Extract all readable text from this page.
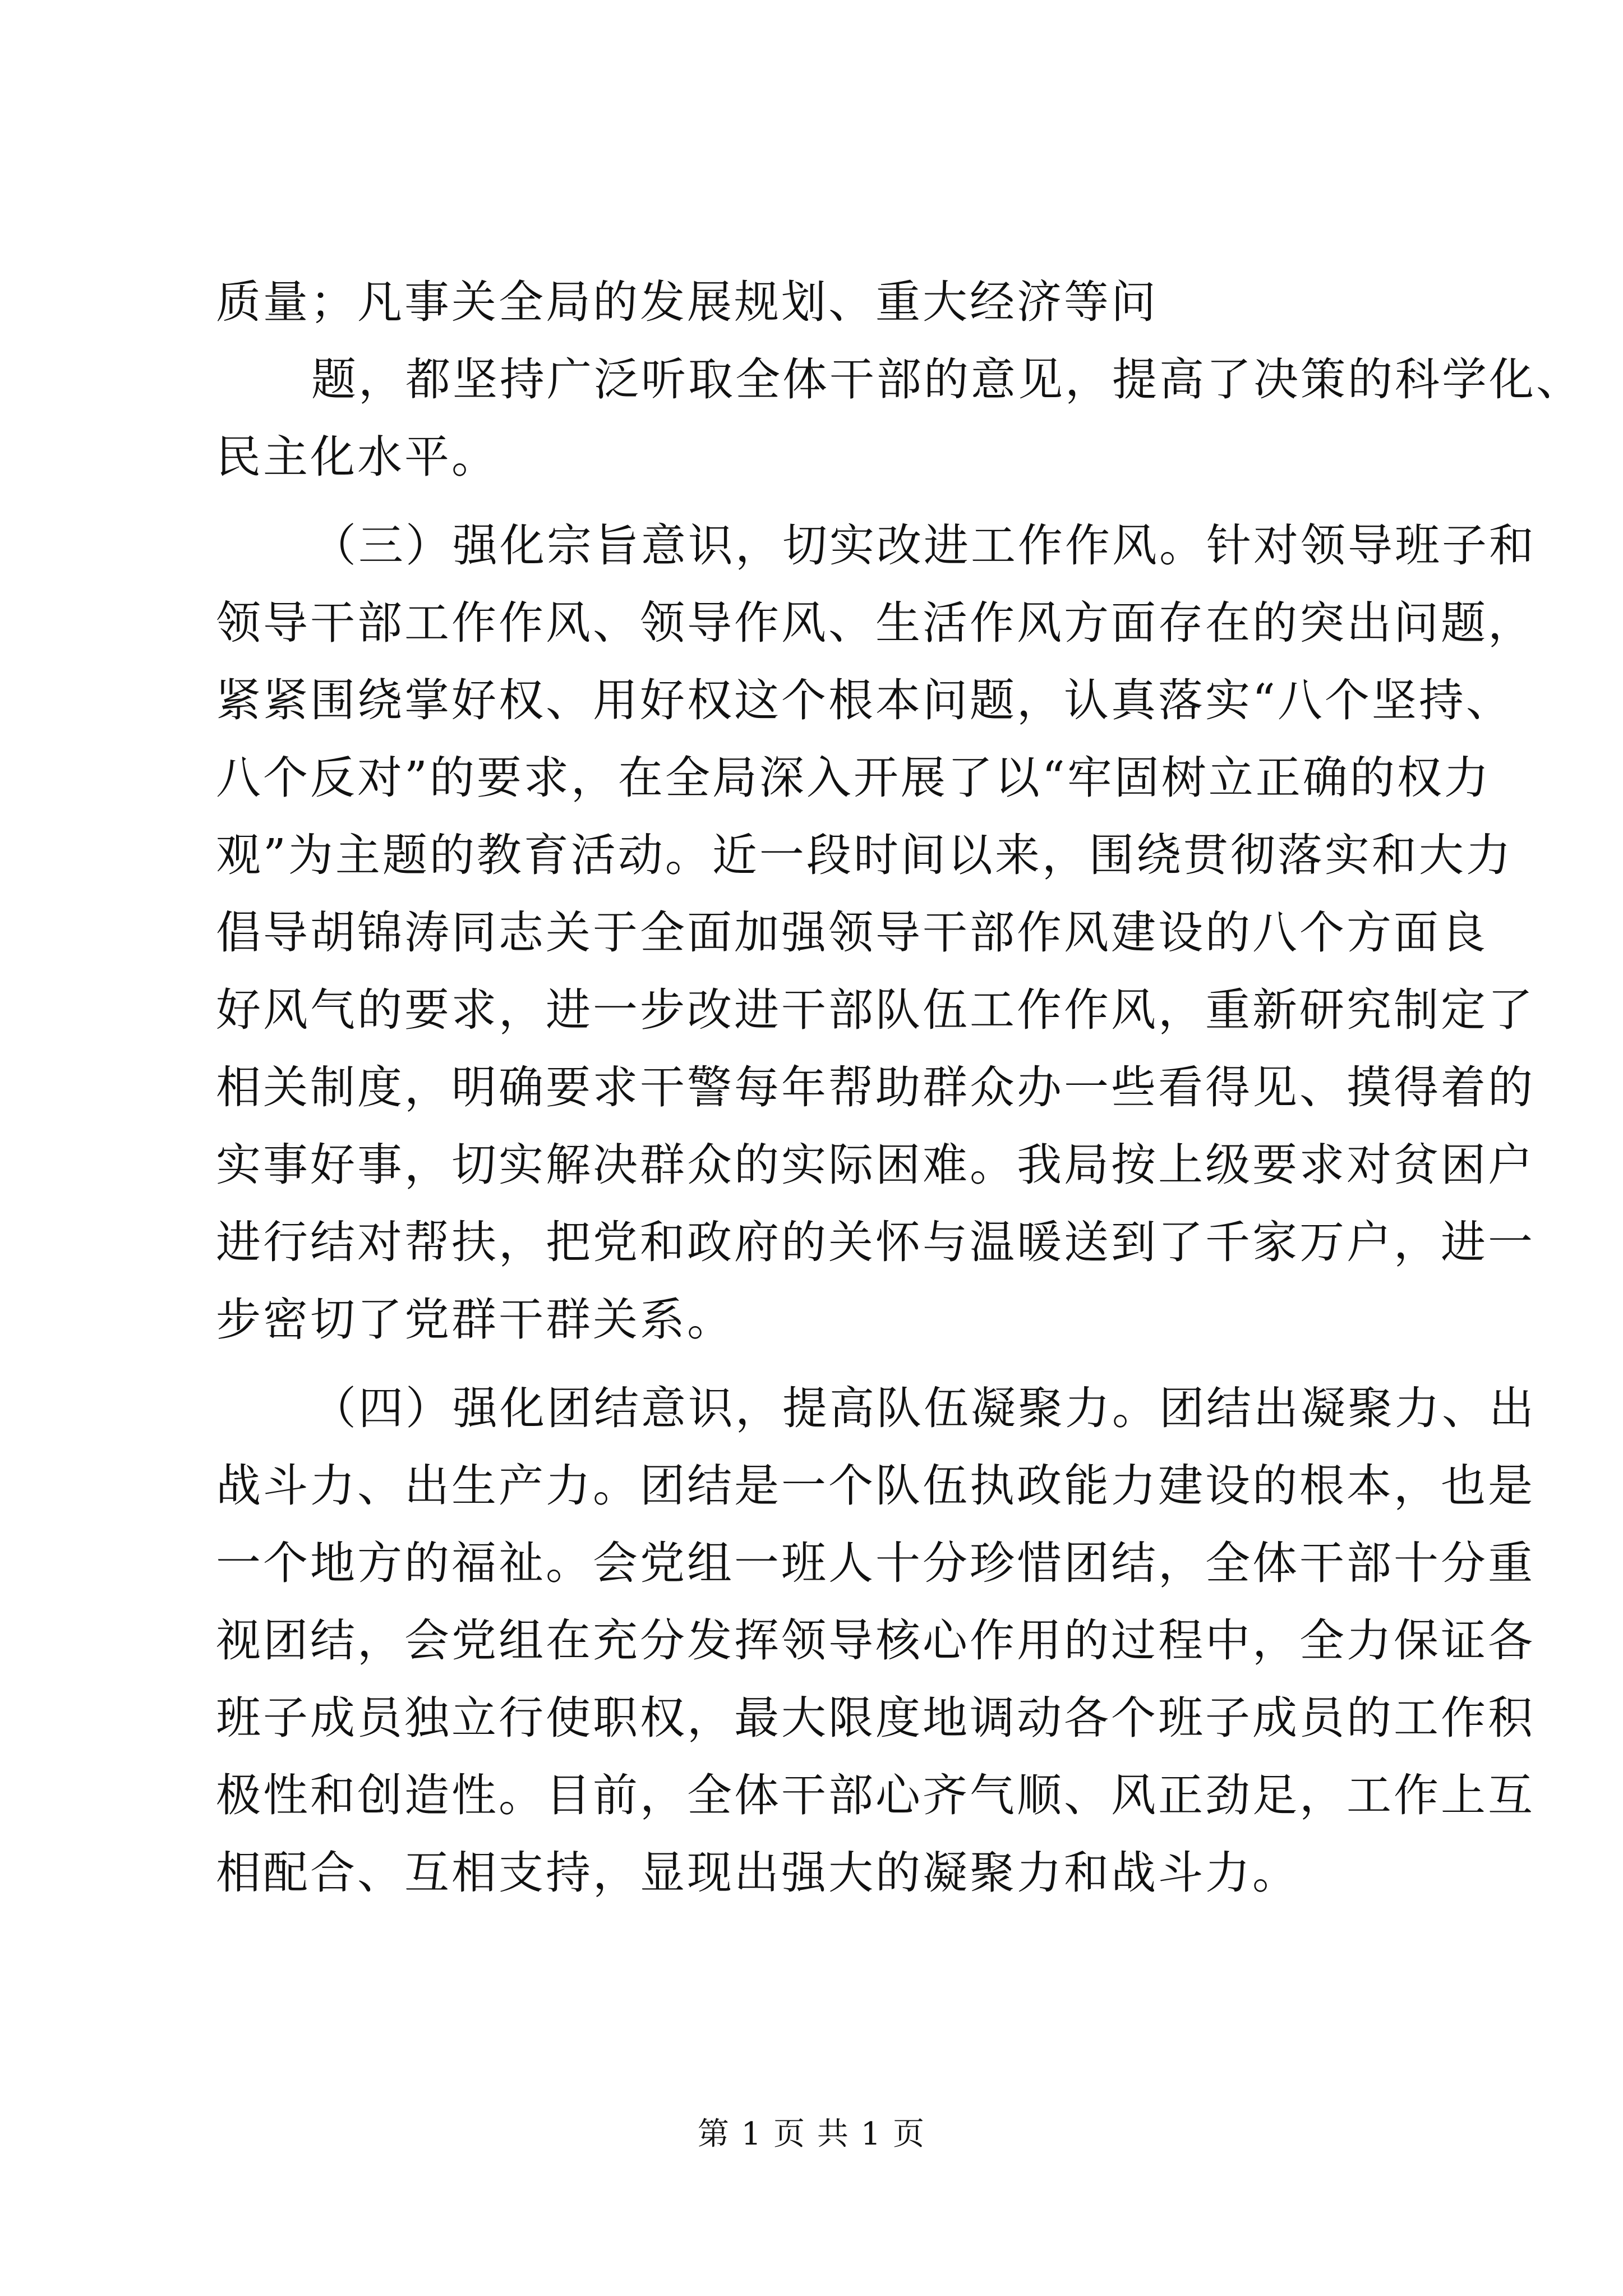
质量；凡事关全局的发展规划、重大经济等问
题，都坚持广泛听取全体干部的意见，提高了决策的科学化、
民主化水平。
（三）强化宗旨意识，切实改进工作作风。针对领导班子和
领导干部工作作风、领导作风、生活作风方面存在的突出问题，
紧紧围绕掌好权、用好权这个根本问题，认真落实“八个坚持、
八个反对”的要求，在全局深入开展了以“牢固树立正确的权力
观”为主题的教育活动。近一段时间以来，围绕贯彻落实和大力
倡导胡锦涛同志关于全面加强领导干部作风建设的八个方面良
好风气的要求，进一步改进干部队伍工作作风，重新研究制定了
相关制度，明确要求干警每年帮助群众办一些看得见、摸得着的
实事好事，切实解决群众的实际困难。我局按上级要求对贫困户
进行结对帮扶，把党和政府的关怀与温暖送到了千家万户，进一
步密切了党群干群关系。
（四）强化团结意识，提高队伍凝聚力。团结出凝聚力、出
战斗力、出生产力。团结是一个队伍执政能力建设的根本，也是
一个地方的福祉。会党组一班人十分珍惜团结，全体干部十分重
视团结，会党组在充分发挥领导核心作用的过程中，全力保证各
班子成员独立行使职权，最大限度地调动各个班子成员的工作积
极性和创造性。目前，全体干部心齐气顺、风正劲足，工作上互
相配合、互相支持，显现出强大的凝聚力和战斗力。
第 1 页 共 1 页
